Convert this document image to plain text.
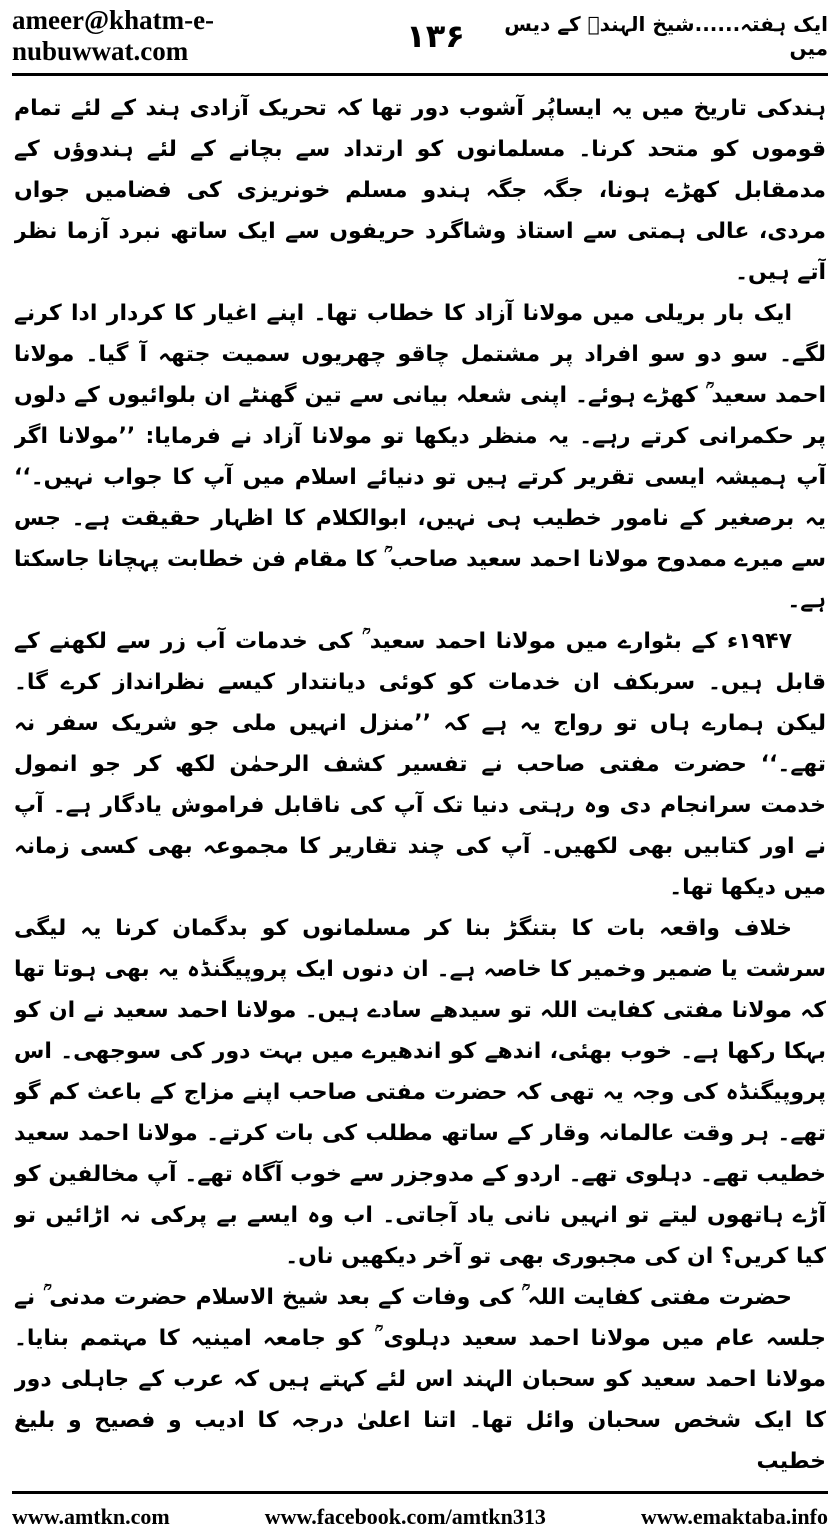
ameer@khatm-e-nubuwwat.com	۱۳۶	ایک ہفتہ......شیخ الہندؒ کے دیس میں

ہندکی تاریخ میں یہ ایساپُر آشوب دور تھا کہ تحریک آزادی ہند کے لئے تمام قوموں کو متحد کرنا۔ مسلمانوں کو ارتداد سے بچانے کے لئے ہندوؤں کے مدمقابل کھڑے ہونا، جگہ جگہ ہندو مسلم خونریزی کی فضامیں جواں مردی، عالی ہمتی سے استاذ وشاگرد حریفوں سے ایک ساتھ نبرد آزما نظر آتے ہیں۔

ایک بار بریلی میں مولانا آزاد کا خطاب تھا۔ اپنے اغیار کا کردار ادا کرنے لگے۔ سو دو سو افراد پر مشتمل چاقو چھریوں سمیت جتھہ آ گیا۔ مولانا احمد سعید ؒ کھڑے ہوئے۔ اپنی شعلہ بیانی سے تین گھنٹے ان بلوائیوں کے دلوں پر حکمرانی کرتے رہے۔ یہ منظر دیکھا تو مولانا آزاد نے فرمایا: ’’مولانا اگر آپ ہمیشہ ایسی تقریر کرتے ہیں تو دنیائے اسلام میں آپ کا جواب نہیں۔‘‘ یہ برصغیر کے نامور خطیب ہی نہیں، ابوالکلام کا اظہار حقیقت ہے۔ جس سے میرے ممدوح مولانا احمد سعید صاحب ؒ کا مقام فن خطابت پہچانا جاسکتا ہے۔

۱۹۴۷ء کے بٹوارے میں مولانا احمد سعید ؒ کی خدمات آب زر سے لکھنے کے قابل ہیں۔ سربکف ان خدمات کو کوئی دیانتدار کیسے نظرانداز کرے گا۔ لیکن ہمارے ہاں تو رواج یہ ہے کہ ’’منزل انہیں ملی جو شریک سفر نہ تھے۔‘‘ حضرت مفتی صاحب نے تفسیر کشف الرحمٰن لکھ کر جو انمول خدمت سرانجام دی وہ رہتی دنیا تک آپ کی ناقابل فراموش یادگار ہے۔ آپ نے اور کتابیں بھی لکھیں۔ آپ کی چند تقاریر کا مجموعہ بھی کسی زمانہ میں دیکھا تھا۔

خلاف واقعہ بات کا بتنگڑ بنا کر مسلمانوں کو بدگمان کرنا یہ لیگی سرشت یا ضمیر وخمیر کا خاصہ ہے۔ ان دنوں ایک پروپیگنڈہ یہ بھی ہوتا تھا کہ مولانا مفتی کفایت اللہ تو سیدھے سادے ہیں۔ مولانا احمد سعید نے ان کو بہکا رکھا ہے۔ خوب بھئی، اندھے کو اندھیرے میں بہت دور کی سوجھی۔ اس پروپیگنڈہ کی وجہ یہ تھی کہ حضرت مفتی صاحب اپنے مزاج کے باعث کم گو تھے۔ ہر وقت عالمانہ وقار کے ساتھ مطلب کی بات کرتے۔ مولانا احمد سعید خطیب تھے۔ دہلوی تھے۔ اردو کے مدوجزر سے خوب آگاہ تھے۔ آپ مخالفین کو آڑے ہاتھوں لیتے تو انہیں نانی یاد آجاتی۔ اب وہ ایسے بے پرکی نہ اڑائیں تو کیا کریں؟ ان کی مجبوری بھی تو آخر دیکھیں ناں۔

حضرت مفتی کفایت اللہ ؒ کی وفات کے بعد شیخ الاسلام حضرت مدنی ؒ نے جلسہ عام میں مولانا احمد سعید دہلوی ؒ کو جامعہ امینیہ کا مہتمم بنایا۔ مولانا احمد سعید کو سحبان الہند اس لئے کہتے ہیں کہ عرب کے جاہلی دور کا ایک شخص سحبان وائل تھا۔ اتنا اعلیٰ درجہ کا ادیب و فصیح و بلیغ خطیب

www.amtkn.com	www.facebook.com/amtkn313	www.emaktaba.info
